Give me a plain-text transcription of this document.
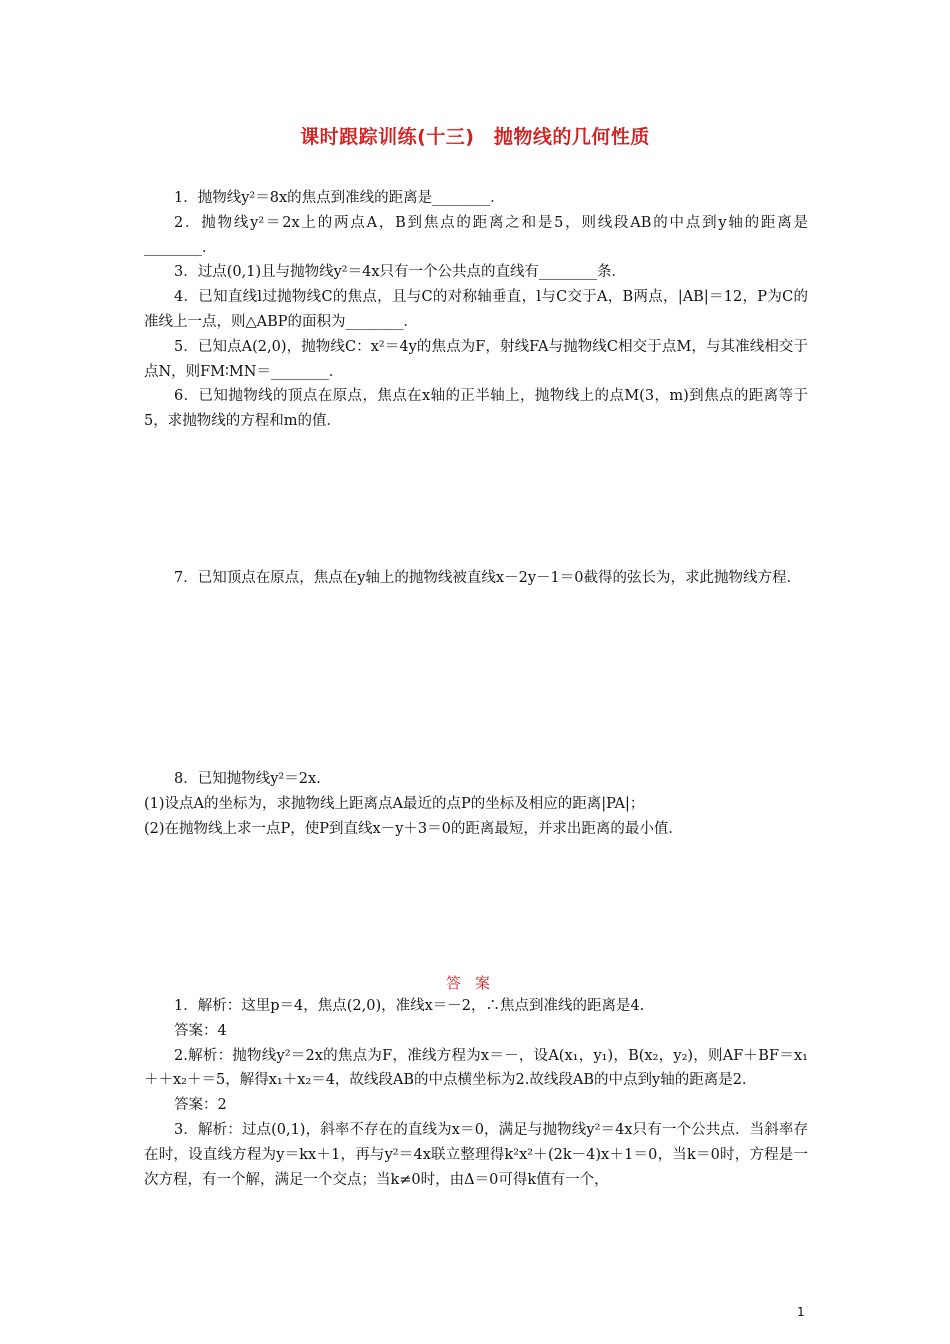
课时跟踪训练(十三)　抛物线的几何性质

1．抛物线y²＝8x的焦点到准线的距离是________．

2．抛物线y²＝2x上的两点A，B到焦点的距离之和是5，则线段AB的中点到y轴的距离是________．

3．过点(0,1)且与抛物线y²＝4x只有一个公共点的直线有________条．

4．已知直线l过抛物线C的焦点，且与C的对称轴垂直，l与C交于A，B两点，|AB|＝12，P为C的准线上一点，则△ABP的面积为________．

5．已知点A(2,0)，抛物线C：x²＝4y的焦点为F，射线FA与抛物线C相交于点M，与其准线相交于点N，则FM∶MN＝________．

6．已知抛物线的顶点在原点，焦点在x轴的正半轴上，抛物线上的点M(3，m)到焦点的距离等于5，求抛物线的方程和m的值．

7．已知顶点在原点，焦点在y轴上的抛物线被直线x－2y－1＝0截得的弦长为，求此抛物线方程．

8．已知抛物线y²＝2x.

(1)设点A的坐标为，求抛物线上距离点A最近的点P的坐标及相应的距离|PA|；

(2)在抛物线上求一点P，使P到直线x－y＋3＝0的距离最短，并求出距离的最小值．

答案

1．解析：这里p＝4，焦点(2,0)，准线x＝－2，∴焦点到准线的距离是4.

答案：4

2.解析：抛物线y²＝2x的焦点为F，准线方程为x＝－，设A(x₁，y₁)，B(x₂，y₂)，则AF＋BF＝x₁＋＋x₂＋＝5，解得x₁＋x₂＝4，故线段AB的中点横坐标为2.故线段AB的中点到y轴的距离是2.

答案：2

3．解析：过点(0,1)，斜率不存在的直线为x＝0，满足与抛物线y²＝4x只有一个公共点．当斜率存在时，设直线方程为y＝kx＋1，再与y²＝4x联立整理得k²x²＋(2k－4)x＋1＝0，当k＝0时，方程是一次方程，有一个解，满足一个交点；当k≠0时，由Δ＝0可得k值有一个，

1
